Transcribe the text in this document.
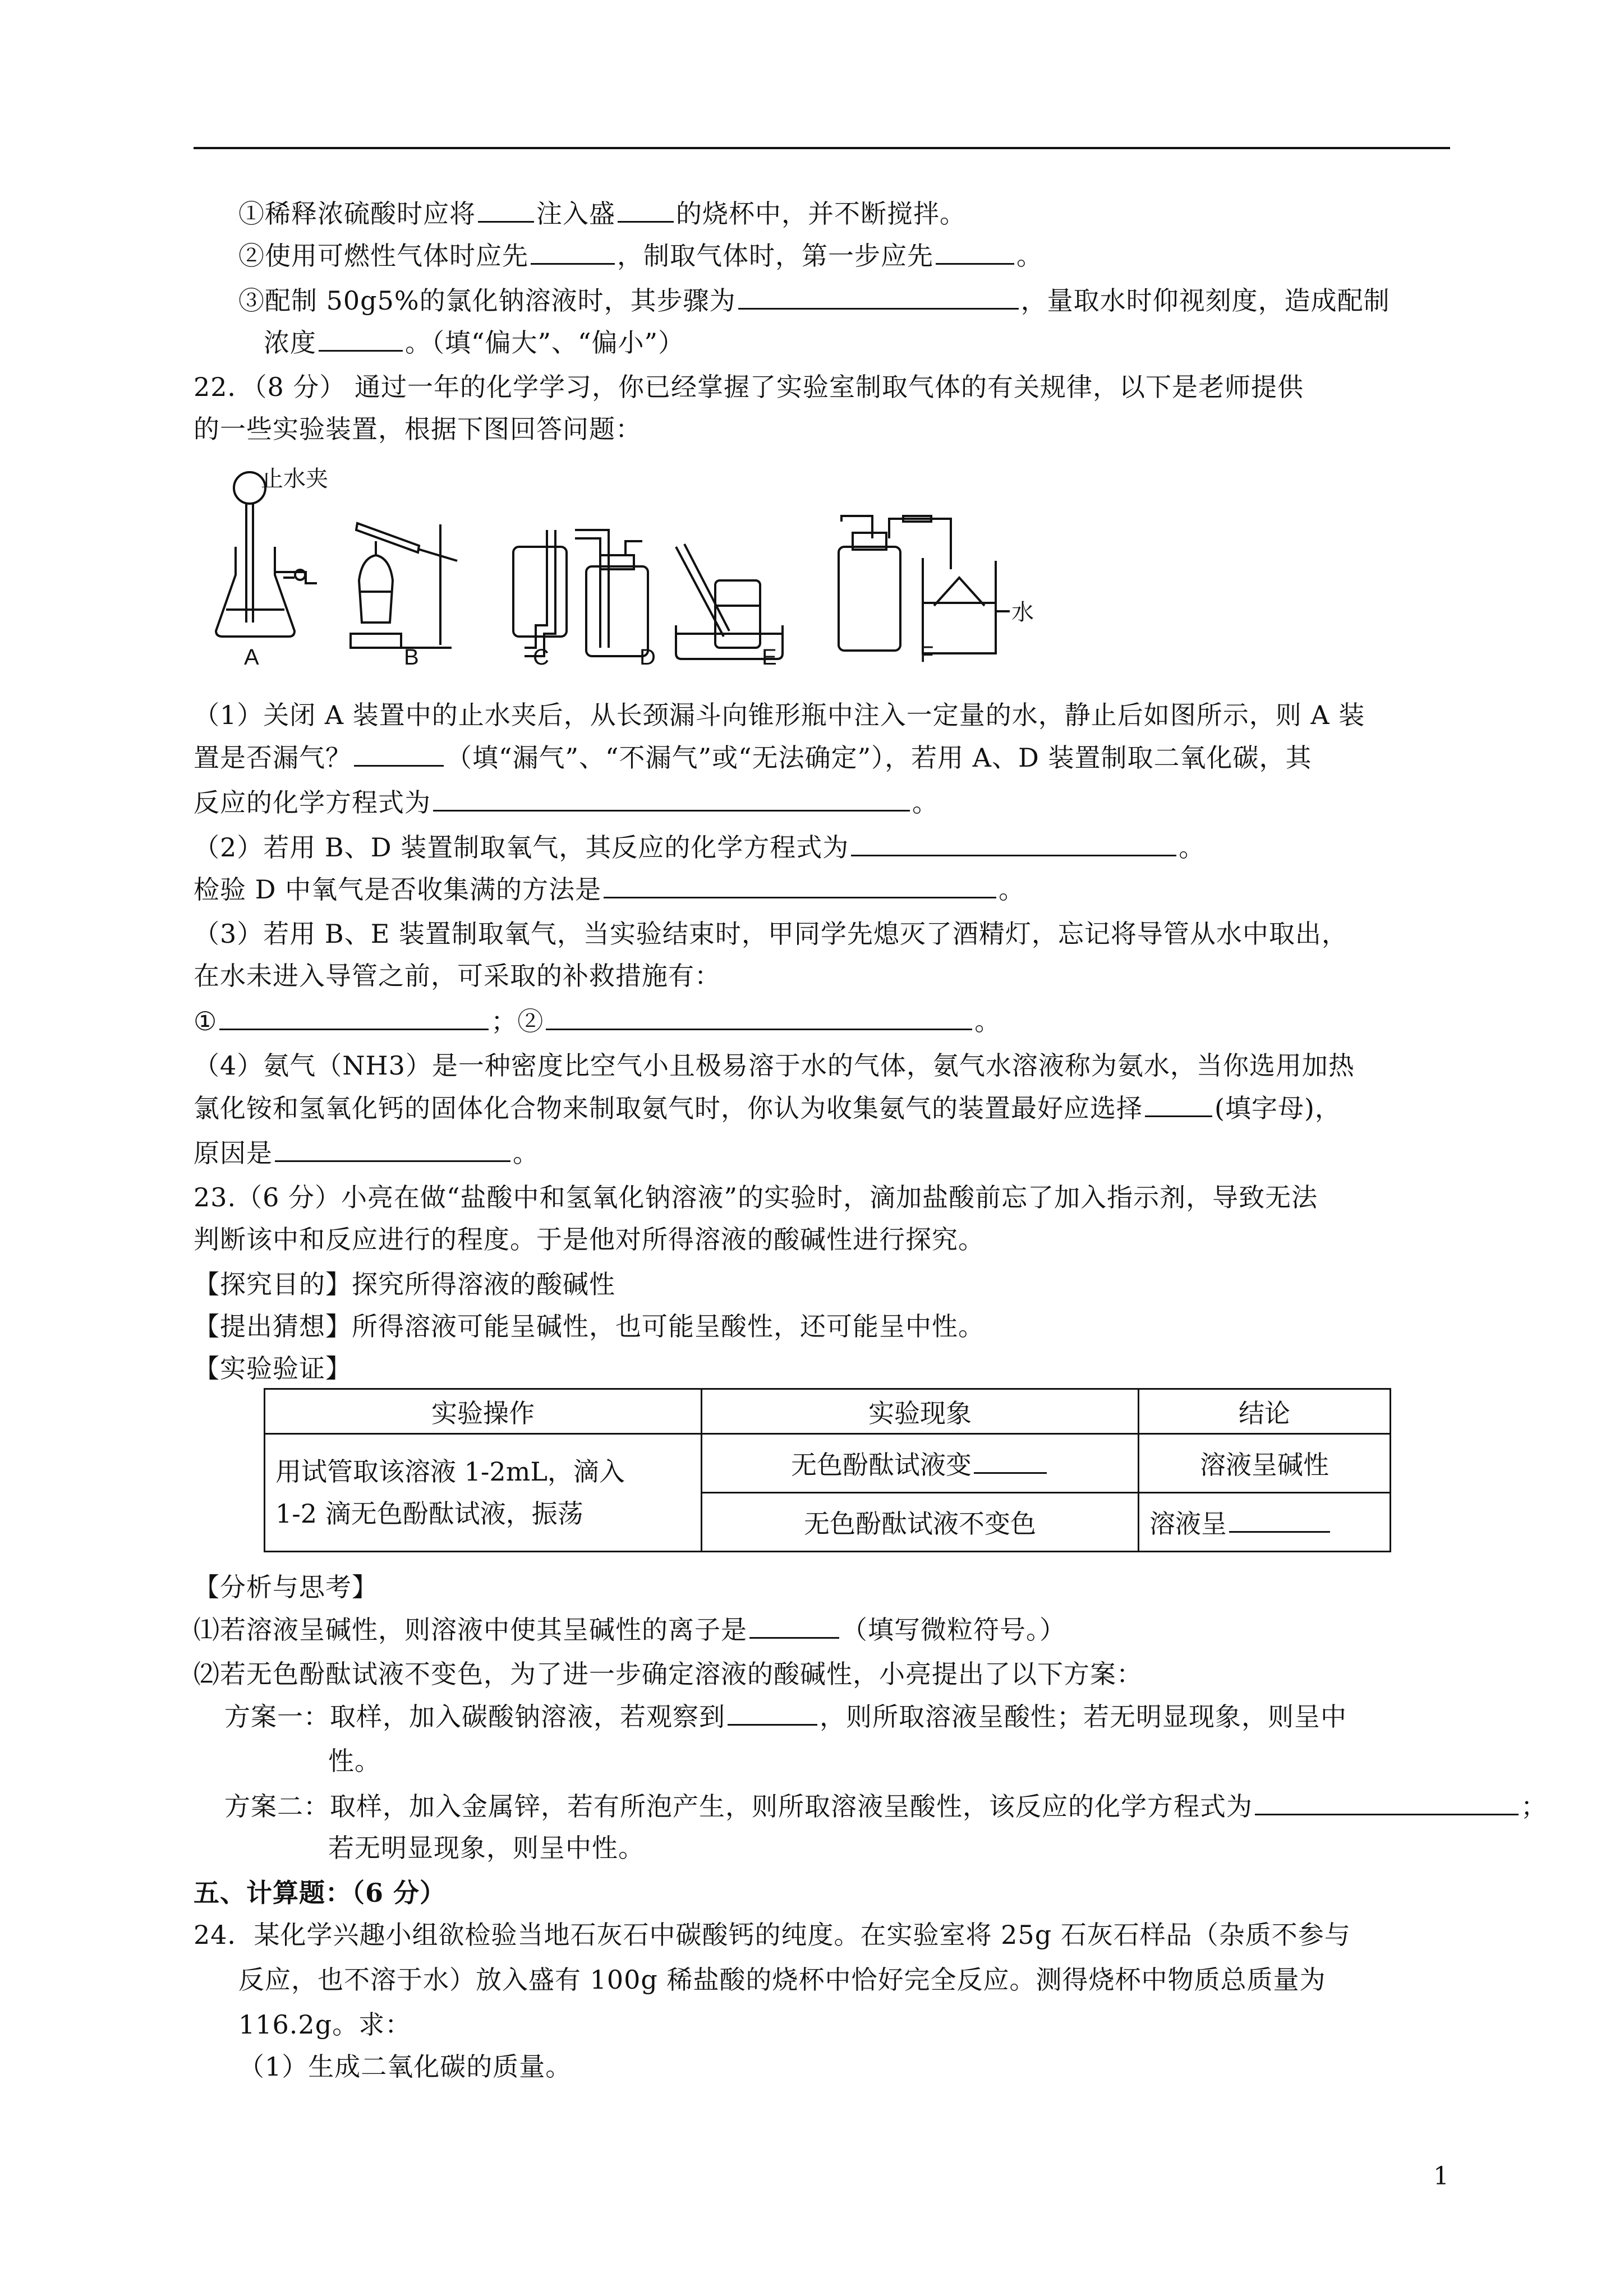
①稀释浓硫酸时应将 注入盛 的烧杯中，并不断搅拌。
②使用可燃性气体时应先	，制取气体时，第一步应先	。
③配制 50g5%的氯化钠溶液时，其步骤为	，量取水时仰视刻度，造成配制
浓度	。（填“偏大”、“偏小”）
22．（8 分） 通过一年的化学学习，你已经掌握了实验室制取气体的有关规律，以下是老师提供
的一些实验装置，根据下图回答问题：
止水夹
水
A	B	C	D	E	F
（1）关闭 A 装置中的止水夹后，从长颈漏斗向锥形瓶中注入一定量的水，静止后如图所示，则 A 装
置是否漏气？	（填“漏气”、“不漏气”或“无法确定”），若用 A、D 装置制取二氧化碳，其
反应的化学方程式为	。
（2）若用 B、D 装置制取氧气，其反应的化学方程式为	。
检验 D 中氧气是否收集满的方法是	。
（3）若用 B、E 装置制取氧气，当实验结束时，甲同学先熄灭了酒精灯，忘记将导管从水中取出，
在水未进入导管之前，可采取的补救措施有：
①	；②	。
（4）氨气（NH3）是一种密度比空气小且极易溶于水的气体，氨气水溶液称为氨水，当你选用加热
氯化铵和氢氧化钙的固体化合物来制取氨气时，你认为收集氨气的装置最好应选择	(填字母)，
原因是	。
23.（6 分）小亮在做“盐酸中和氢氧化钠溶液”的实验时，滴加盐酸前忘了加入指示剂，导致无法
判断该中和反应进行的程度。于是他对所得溶液的酸碱性进行探究。
【探究目的】探究所得溶液的酸碱性
【提出猜想】所得溶液可能呈碱性，也可能呈酸性，还可能呈中性。
【实验验证】
实验操作	实验现象	结论

用试管取该溶液 1-2mL，滴入
1-2 滴无色酚酞试液，振荡	无色酚酞试液变	溶液呈碱性
	无色酚酞试液不变色	溶液呈
【分析与思考】
⑴若溶液呈碱性，则溶液中使其呈碱性的离子是	（填写微粒符号。）
⑵若无色酚酞试液不变色，为了进一步确定溶液的酸碱性，小亮提出了以下方案：
方案一：取样，加入碳酸钠溶液，若观察到	，则所取溶液呈酸性；若无明显现象，则呈中
性。
方案二：取样，加入金属锌，若有所泡产生，则所取溶液呈酸性，该反应的化学方程式为	；
若无明显现象，则呈中性。
五、计算题：（6 分）
24．某化学兴趣小组欲检验当地石灰石中碳酸钙的纯度。在实验室将 25g 石灰石样品（杂质不参与
反应，也不溶于水）放入盛有 100g 稀盐酸的烧杯中恰好完全反应。测得烧杯中物质总质量为
116.2g。求：
（1）生成二氧化碳的质量。
1
